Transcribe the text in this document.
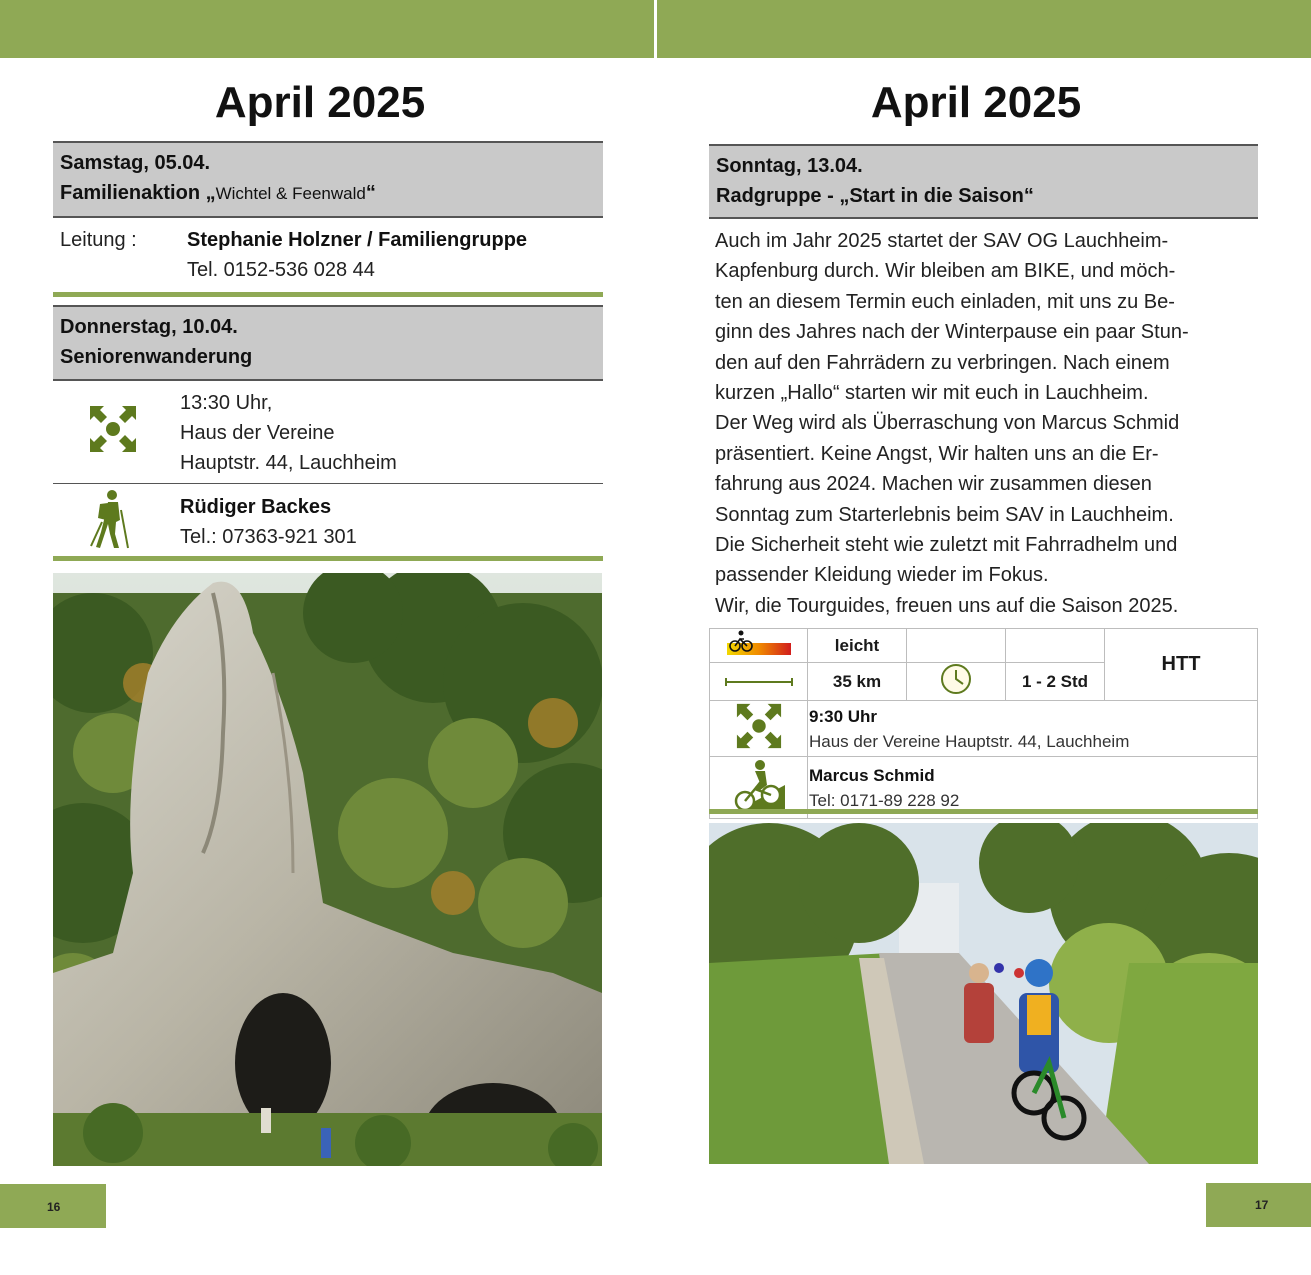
April 2025
Samstag, 05.04.
Familienaktion „Wichtel & Feenwald“
Leitung :	Stephanie Holzner / Familiengruppe
Tel. 0152-536 028 44
Donnerstag, 10.04.
Seniorenwanderung
13:30 Uhr,
Haus der Vereine
Hauptstr. 44, Lauchheim
Rüdiger Backes
Tel.: 07363-921 301
16
April 2025
Sonntag, 13.04.
Radgruppe - „Start in die Saison“
Auch im Jahr 2025 startet der SAV OG Lauchheim-
Kapfenburg durch. Wir bleiben am BIKE, und möch-
ten an diesem Termin euch einladen, mit uns zu Be-
ginn des Jahres nach der Winterpause ein paar Stun-
den auf den Fahrrädern zu verbringen. Nach einem
kurzen „Hallo“ starten wir mit euch in Lauchheim.
Der Weg wird als Überraschung von Marcus Schmid
präsentiert. Keine Angst, Wir halten uns an die Er-
fahrung aus 2024. Machen wir zusammen diesen
Sonntag zum Starterlebnis beim SAV in Lauchheim.
Die Sicherheit steht wie zuletzt mit Fahrradhelm und
passender Kleidung wieder im Fokus.
Wir, die Tourguides, freuen uns auf die Saison 2025.
	leicht			HTT
	35 km		1 - 2 Std	

9:30 Uhr
Haus der Vereine Hauptstr. 44, Lauchheim			

Marcus Schmid
Tel: 0171-89 228 92			
17
